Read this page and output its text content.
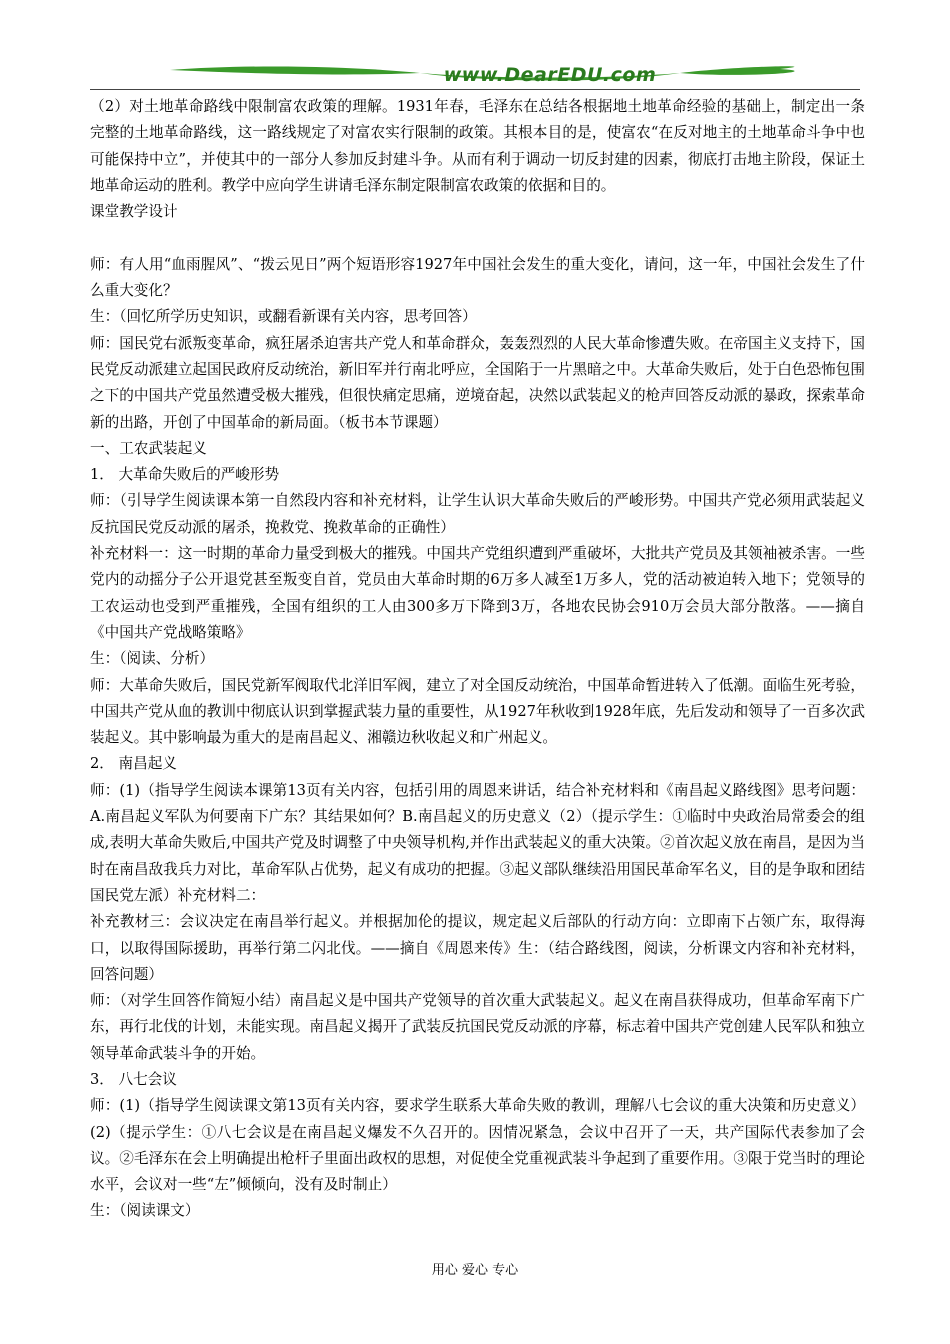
www.DearEDU.com

（2）对土地革命路线中限制富农政策的理解。1931年春，毛泽东在总结各根据地土地革命经验的基础上，制定出一条完整的土地革命路线，这一路线规定了对富农实行限制的政策。其根本目的是，使富农“在反对地主的土地革命斗争中也可能保持中立”，并使其中的一部分人参加反封建斗争。从而有利于调动一切反封建的因素，彻底打击地主阶段，保证土地革命运动的胜利。教学中应向学生讲请毛泽东制定限制富农政策的依据和目的。

课堂教学设计

师：有人用“血雨腥风”、“拨云见日”两个短语形容1927年中国社会发生的重大变化，请问，这一年，中国社会发生了什么重大变化？

生：（回忆所学历史知识，或翻看新课有关内容，思考回答）

师：国民党右派叛变革命，疯狂屠杀迫害共产党人和革命群众，轰轰烈烈的人民大革命惨遭失败。在帝国主义支持下，国民党反动派建立起国民政府反动统治，新旧军并行南北呼应，全国陷于一片黑暗之中。大革命失败后，处于白色恐怖包围之下的中国共产党虽然遭受极大摧残，但很快痛定思痛，逆境奋起，决然以武装起义的枪声回答反动派的暴政，探索革命新的出路，开创了中国革命的新局面。（板书本节课题）

一、工农武装起义

1． 大革命失败后的严峻形势

师：（引导学生阅读课本第一自然段内容和补充材料，让学生认识大革命失败后的严峻形势。中国共产党必须用武装起义反抗国民党反动派的屠杀，挽救党、挽救革命的正确性）

补充材料一：这一时期的革命力量受到极大的摧残。中国共产党组织遭到严重破坏，大批共产党员及其领袖被杀害。一些党内的动摇分子公开退党甚至叛变自首，党员由大革命时期的6万多人减至1万多人，党的活动被迫转入地下；党领导的工农运动也受到严重摧残，全国有组织的工人由300多万下降到3万，各地农民协会910万会员大部分散落。——摘自《中国共产党战略策略》

生：（阅读、分析）

师：大革命失败后，国民党新军阀取代北洋旧军阀，建立了对全国反动统治，中国革命暂进转入了低潮。面临生死考验，中国共产党从血的教训中彻底认识到掌握武装力量的重要性，从1927年秋收到1928年底，先后发动和领导了一百多次武装起义。其中影响最为重大的是南昌起义、湘赣边秋收起义和广州起义。

2． 南昌起义

师：(1)（指导学生阅读本课第13页有关内容，包括引用的周恩来讲话，结合补充材料和《南昌起义路线图》思考问题：A.南昌起义军队为何要南下广东？其结果如何？B.南昌起义的历史意义（2）（提示学生：①临时中央政治局常委会的组成,表明大革命失败后,中国共产党及时调整了中央领导机构,并作出武装起义的重大决策。②首次起义放在南昌，是因为当时在南昌敌我兵力对比，革命军队占优势，起义有成功的把握。③起义部队继续沿用国民革命军名义，目的是争取和团结国民党左派）补充材料二：

补充教材三：会议决定在南昌举行起义。并根据加伦的提议，规定起义后部队的行动方向：立即南下占领广东，取得海口，以取得国际援助，再举行第二闪北伐。——摘自《周恩来传》生：（结合路线图，阅读，分析课文内容和补充材料，回答问题）

师：（对学生回答作简短小结）南昌起义是中国共产党领导的首次重大武装起义。起义在南昌获得成功，但革命军南下广东，再行北伐的计划，未能实现。南昌起义揭开了武装反抗国民党反动派的序幕，标志着中国共产党创建人民军队和独立领导革命武装斗争的开始。

3． 八七会议

师：(1)（指导学生阅读课文第13页有关内容，要求学生联系大革命失败的教训，理解八七会议的重大决策和历史意义）(2)（提示学生：①八七会议是在南昌起义爆发不久召开的。因情况紧急，会议中召开了一天，共产国际代表参加了会议。②毛泽东在会上明确提出枪杆子里面出政权的思想，对促使全党重视武装斗争起到了重要作用。③限于党当时的理论水平，会议对一些“左”倾倾向，没有及时制止）

生：（阅读课文）

用心 爱心 专心
